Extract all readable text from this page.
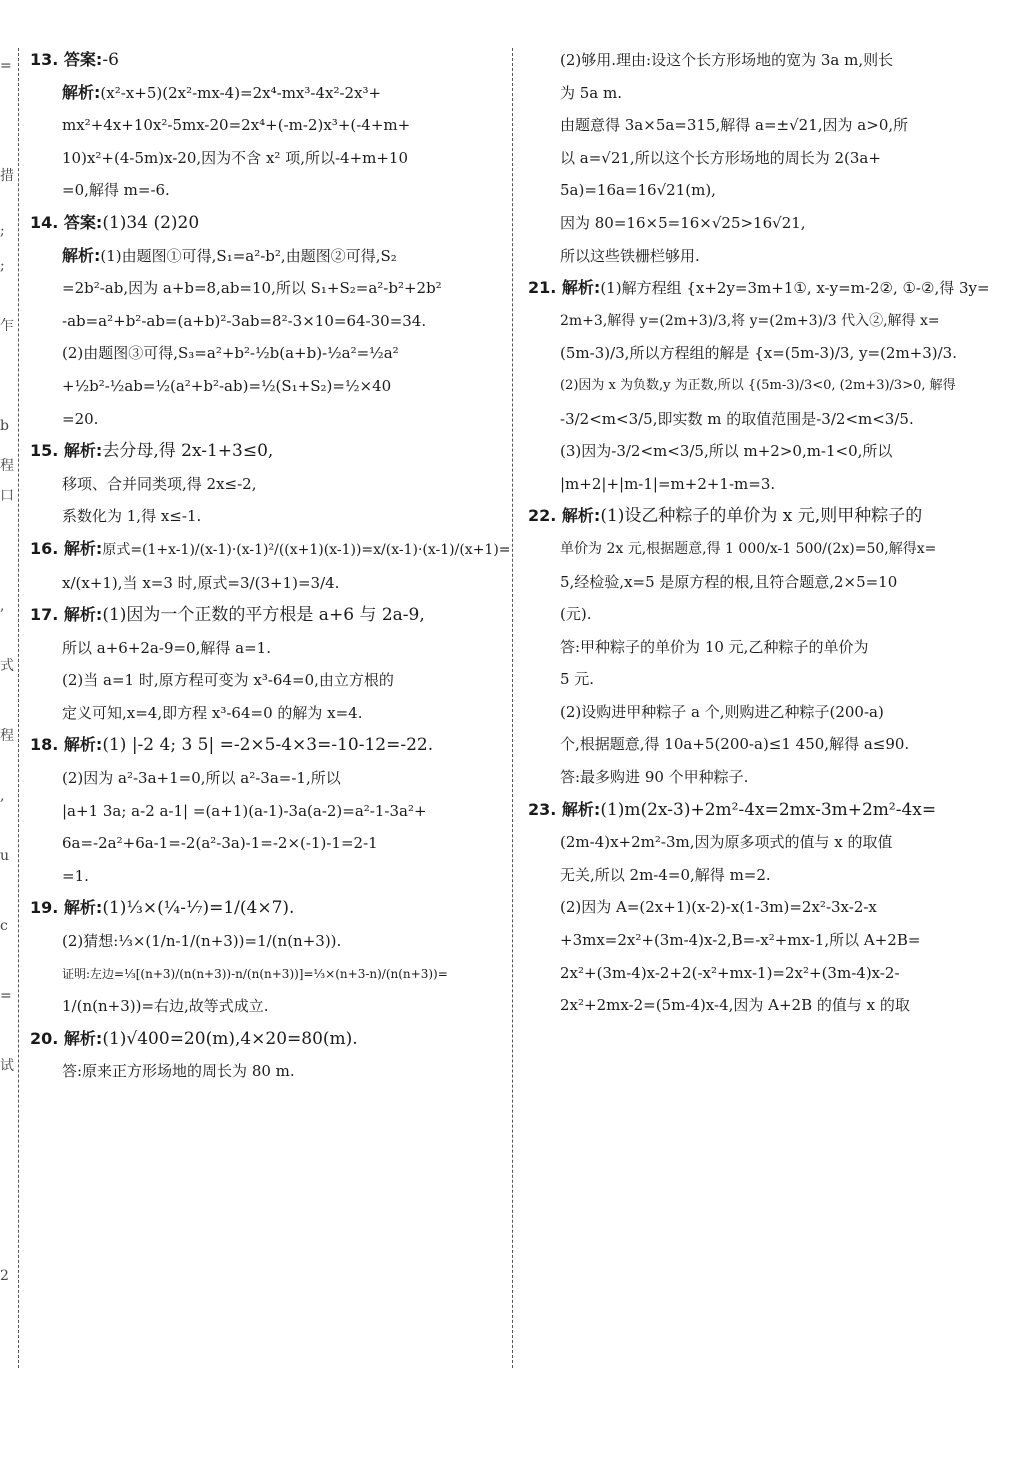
=
措
;
;
乍
b
程
口
,
式
程
,
u
c
=
试
2
13. 答案:-6
解析:(x²-x+5)(2x²-mx-4)=2x⁴-mx³-4x²-2x³+
mx²+4x+10x²-5mx-20=2x⁴+(-m-2)x³+(-4+m+
10)x²+(4-5m)x-20,因为不含 x² 项,所以-4+m+10
=0,解得 m=-6.
14. 答案:(1)34 (2)20
解析:(1)由题图①可得,S₁=a²-b²,由题图②可得,S₂
=2b²-ab,因为 a+b=8,ab=10,所以 S₁+S₂=a²-b²+2b²
-ab=a²+b²-ab=(a+b)²-3ab=8²-3×10=64-30=34.
(2)由题图③可得,S₃=a²+b²-½b(a+b)-½a²=½a²
+½b²-½ab=½(a²+b²-ab)=½(S₁+S₂)=½×40
=20.
15. 解析:去分母,得 2x-1+3≤0,
移项、合并同类项,得 2x≤-2,
系数化为 1,得 x≤-1.
16. 解析:原式=(1+x-1)/(x-1)·(x-1)²/((x+1)(x-1))=x/(x-1)·(x-1)/(x+1)=
x/(x+1),当 x=3 时,原式=3/(3+1)=3/4.
17. 解析:(1)因为一个正数的平方根是 a+6 与 2a-9,
所以 a+6+2a-9=0,解得 a=1.
(2)当 a=1 时,原方程可变为 x³-64=0,由立方根的
定义可知,x=4,即方程 x³-64=0 的解为 x=4.
18. 解析:(1) |-2 4; 3 5| =-2×5-4×3=-10-12=-22.
(2)因为 a²-3a+1=0,所以 a²-3a=-1,所以
|a+1 3a; a-2 a-1| =(a+1)(a-1)-3a(a-2)=a²-1-3a²+
6a=-2a²+6a-1=-2(a²-3a)-1=-2×(-1)-1=2-1
=1.
19. 解析:(1)⅓×(¼-⅐)=1/(4×7).
(2)猜想:⅓×(1/n-1/(n+3))=1/(n(n+3)).
证明:左边=⅓[(n+3)/(n(n+3))-n/(n(n+3))]=⅓×(n+3-n)/(n(n+3))=
1/(n(n+3))=右边,故等式成立.
20. 解析:(1)√400=20(m),4×20=80(m).
答:原来正方形场地的周长为 80 m.
(2)够用.理由:设这个长方形场地的宽为 3a m,则长
为 5a m.
由题意得 3a×5a=315,解得 a=±√21,因为 a>0,所
以 a=√21,所以这个长方形场地的周长为 2(3a+
5a)=16a=16√21(m),
因为 80=16×5=16×√25>16√21,
所以这些铁栅栏够用.
21. 解析:(1)解方程组 {x+2y=3m+1①, x-y=m-2②, ①-②,得 3y=
2m+3,解得 y=(2m+3)/3,将 y=(2m+3)/3 代入②,解得 x=
(5m-3)/3,所以方程组的解是 {x=(5m-3)/3, y=(2m+3)/3.
(2)因为 x 为负数,y 为正数,所以 {(5m-3)/3<0, (2m+3)/3>0, 解得
-3/2<m<3/5,即实数 m 的取值范围是-3/2<m<3/5.
(3)因为-3/2<m<3/5,所以 m+2>0,m-1<0,所以
|m+2|+|m-1|=m+2+1-m=3.
22. 解析:(1)设乙种粽子的单价为 x 元,则甲种粽子的
单价为 2x 元,根据题意,得 1 000/x-1 500/(2x)=50,解得x=
5,经检验,x=5 是原方程的根,且符合题意,2×5=10
(元).
答:甲种粽子的单价为 10 元,乙种粽子的单价为
5 元.
(2)设购进甲种粽子 a 个,则购进乙种粽子(200-a)
个,根据题意,得 10a+5(200-a)≤1 450,解得 a≤90.
答:最多购进 90 个甲种粽子.
23. 解析:(1)m(2x-3)+2m²-4x=2mx-3m+2m²-4x=
(2m-4)x+2m²-3m,因为原多项式的值与 x 的取值
无关,所以 2m-4=0,解得 m=2.
(2)因为 A=(2x+1)(x-2)-x(1-3m)=2x²-3x-2-x
+3mx=2x²+(3m-4)x-2,B=-x²+mx-1,所以 A+2B=
2x²+(3m-4)x-2+2(-x²+mx-1)=2x²+(3m-4)x-2-
2x²+2mx-2=(5m-4)x-4,因为 A+2B 的值与 x 的取
